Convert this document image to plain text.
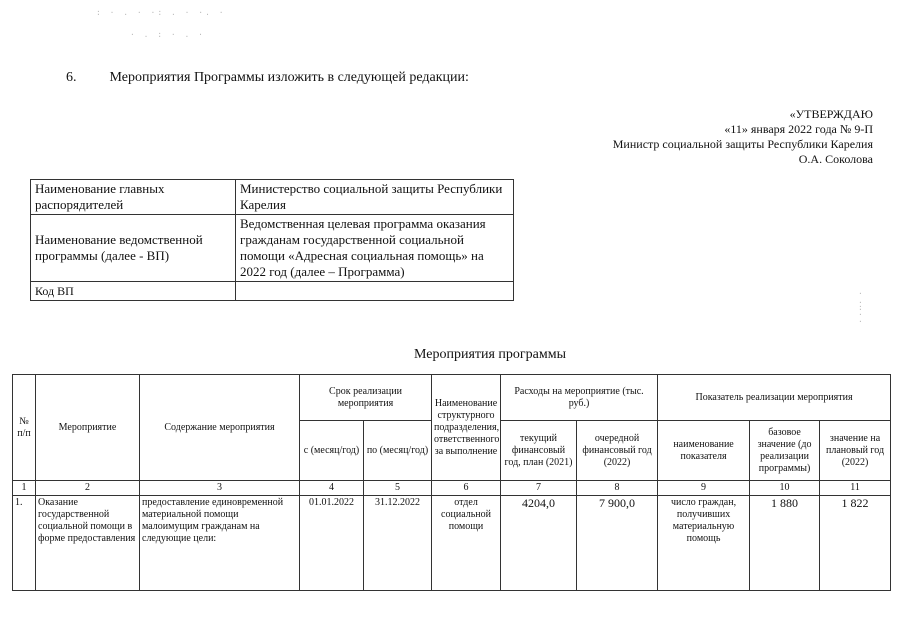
: · . · ·: . · ·. ·
· . : · . ·
· . : · ·
6. Мероприятия Программы изложить в следующей редакции:
«УТВЕРЖДАЮ
«11» января 2022 года № 9-П
Министр социальной защиты Республики Карелия
О.А. Соколова
Наименование главных распорядителей	Министерство социальной защиты Республики Карелия
Наименование ведомственной программы (далее - ВП)	Ведомственная целевая программа оказания гражданам государственной социальной помощи «Адресная социальная помощь» на 2022 год (далее – Программа)
Код ВП	
Мероприятия программы
№ п/п	Мероприятие	Содержание мероприятия	Срок реализации мероприятия		Наименование структурного подразделения, ответственного за выполнение	Расходы на мероприятие (тыс. руб.)		Показатель реализации мероприятия		
			с (месяц/год)	по (месяц/год)		текущий финансовый год, план (2021)	очередной финансовый год (2022)	наименование показателя	базовое значение (до реализации программы)	значение на плановый год (2022)
1	2	3	4	5	6	7	8	9	10	11
1.	Оказание государственной социальной помощи в форме предоставления	предоставление единовременной материальной помощи малоимущим гражданам на следующие цели:	01.01.2022	31.12.2022	отдел социальной помощи	4204,0	7 900,0	число граждан, получивших материальную помощь	1 880	1 822
